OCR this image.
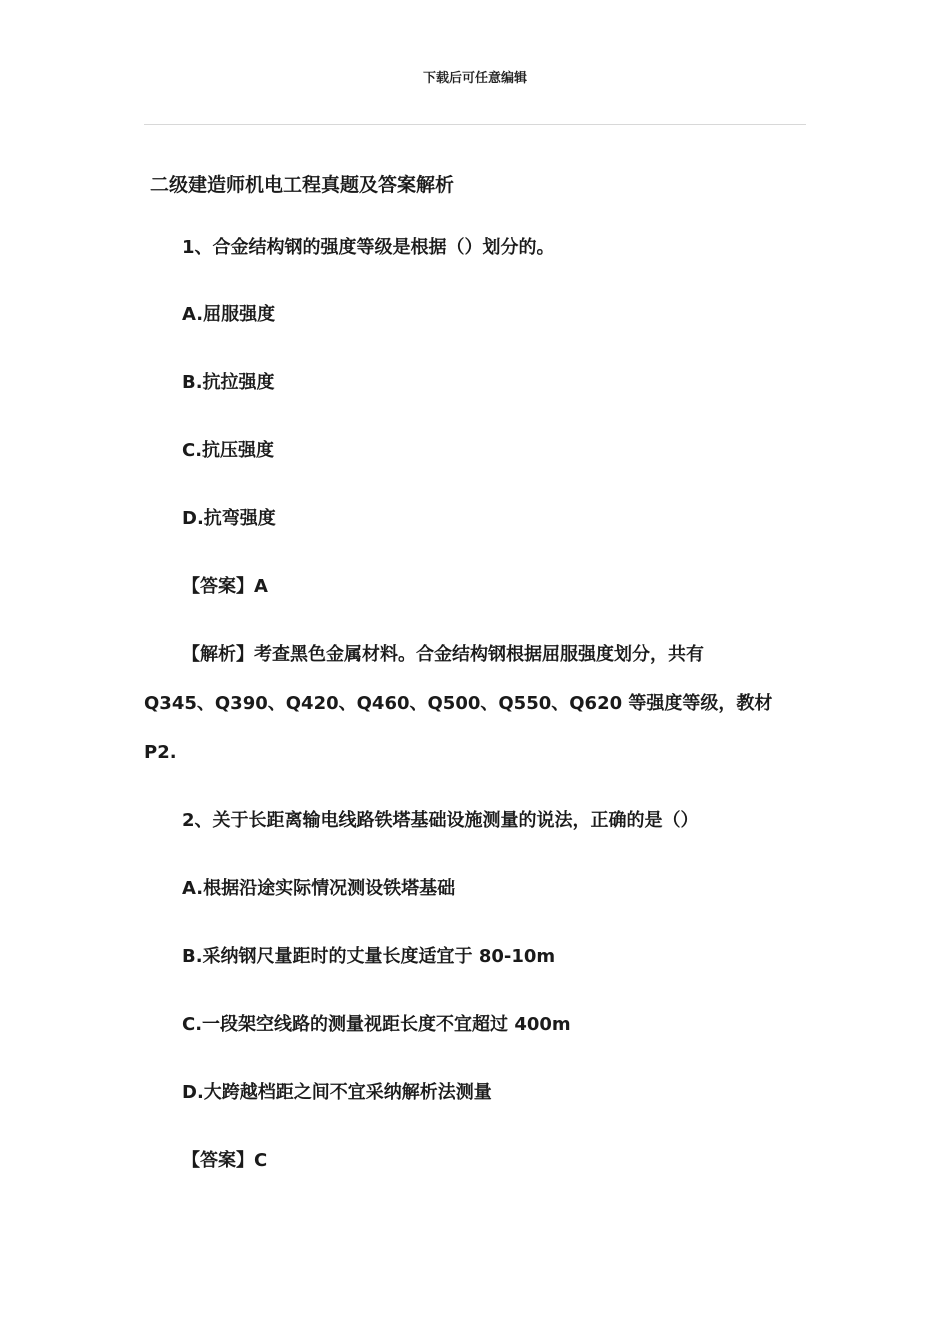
下载后可任意编辑
二级建造师机电工程真题及答案解析
1、合金结构钢的强度等级是根据（）划分的。
A.屈服强度
B.抗拉强度
C.抗压强度
D.抗弯强度
【答案】A
【解析】考查黑色金属材料。合金结构钢根据屈服强度划分，共有
Q345、Q390、Q420、Q460、Q500、Q550、Q620 等强度等级，教材
P2.
2、关于长距离输电线路铁塔基础设施测量的说法，正确的是（）
A.根据沿途实际情况测设铁塔基础
B.采纳钢尺量距时的丈量长度适宜于 80-10m
C.一段架空线路的测量视距长度不宜超过 400m
D.大跨越档距之间不宜采纳解析法测量
【答案】C
